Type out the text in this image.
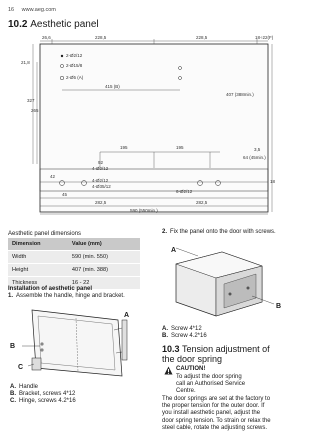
16 www.aeg.com
10.2 Aesthetic panel
26,6	228,5	228,5	18÷22(F)
2-Ø2/12
2-Ø15/8
2-Ø5 (A)
415 (B)
21,8
327
265
407 (388min.)
3,5
64 (45min.)
195	195
92
4-Ø2/12
42
4-Ø2/12
4-Ø35/12
6-Ø2/12
18
45
282,5	282,5
590 (550min.)
Aesthetic panel dimensions
Dimension	Value (mm)
Width	590 (min. 550)
Height	407 (min. 388)
Thickness	16 - 22
Installation of aesthetic panel
1. Assemble the handle, hinge and bracket.
A
B
C
A. Handle
B. Bracket, screws 4*12
C. Hinge, screws 4.2*16
2. Fix the panel onto the door with screws.
A
B
A. Screw 4*12
B. Screw 4.2*16
10.3 Tension adjustment of
the door spring
CAUTION!
To adjust the door spring
call an Authorised Service
Centre.
The door springs are set at the factory to
the proper tension for the outer door. If
you install aesthetic panel, adjust the
door spring tension. To strain or relax the
steel cable, rotate the adjusting screws.
